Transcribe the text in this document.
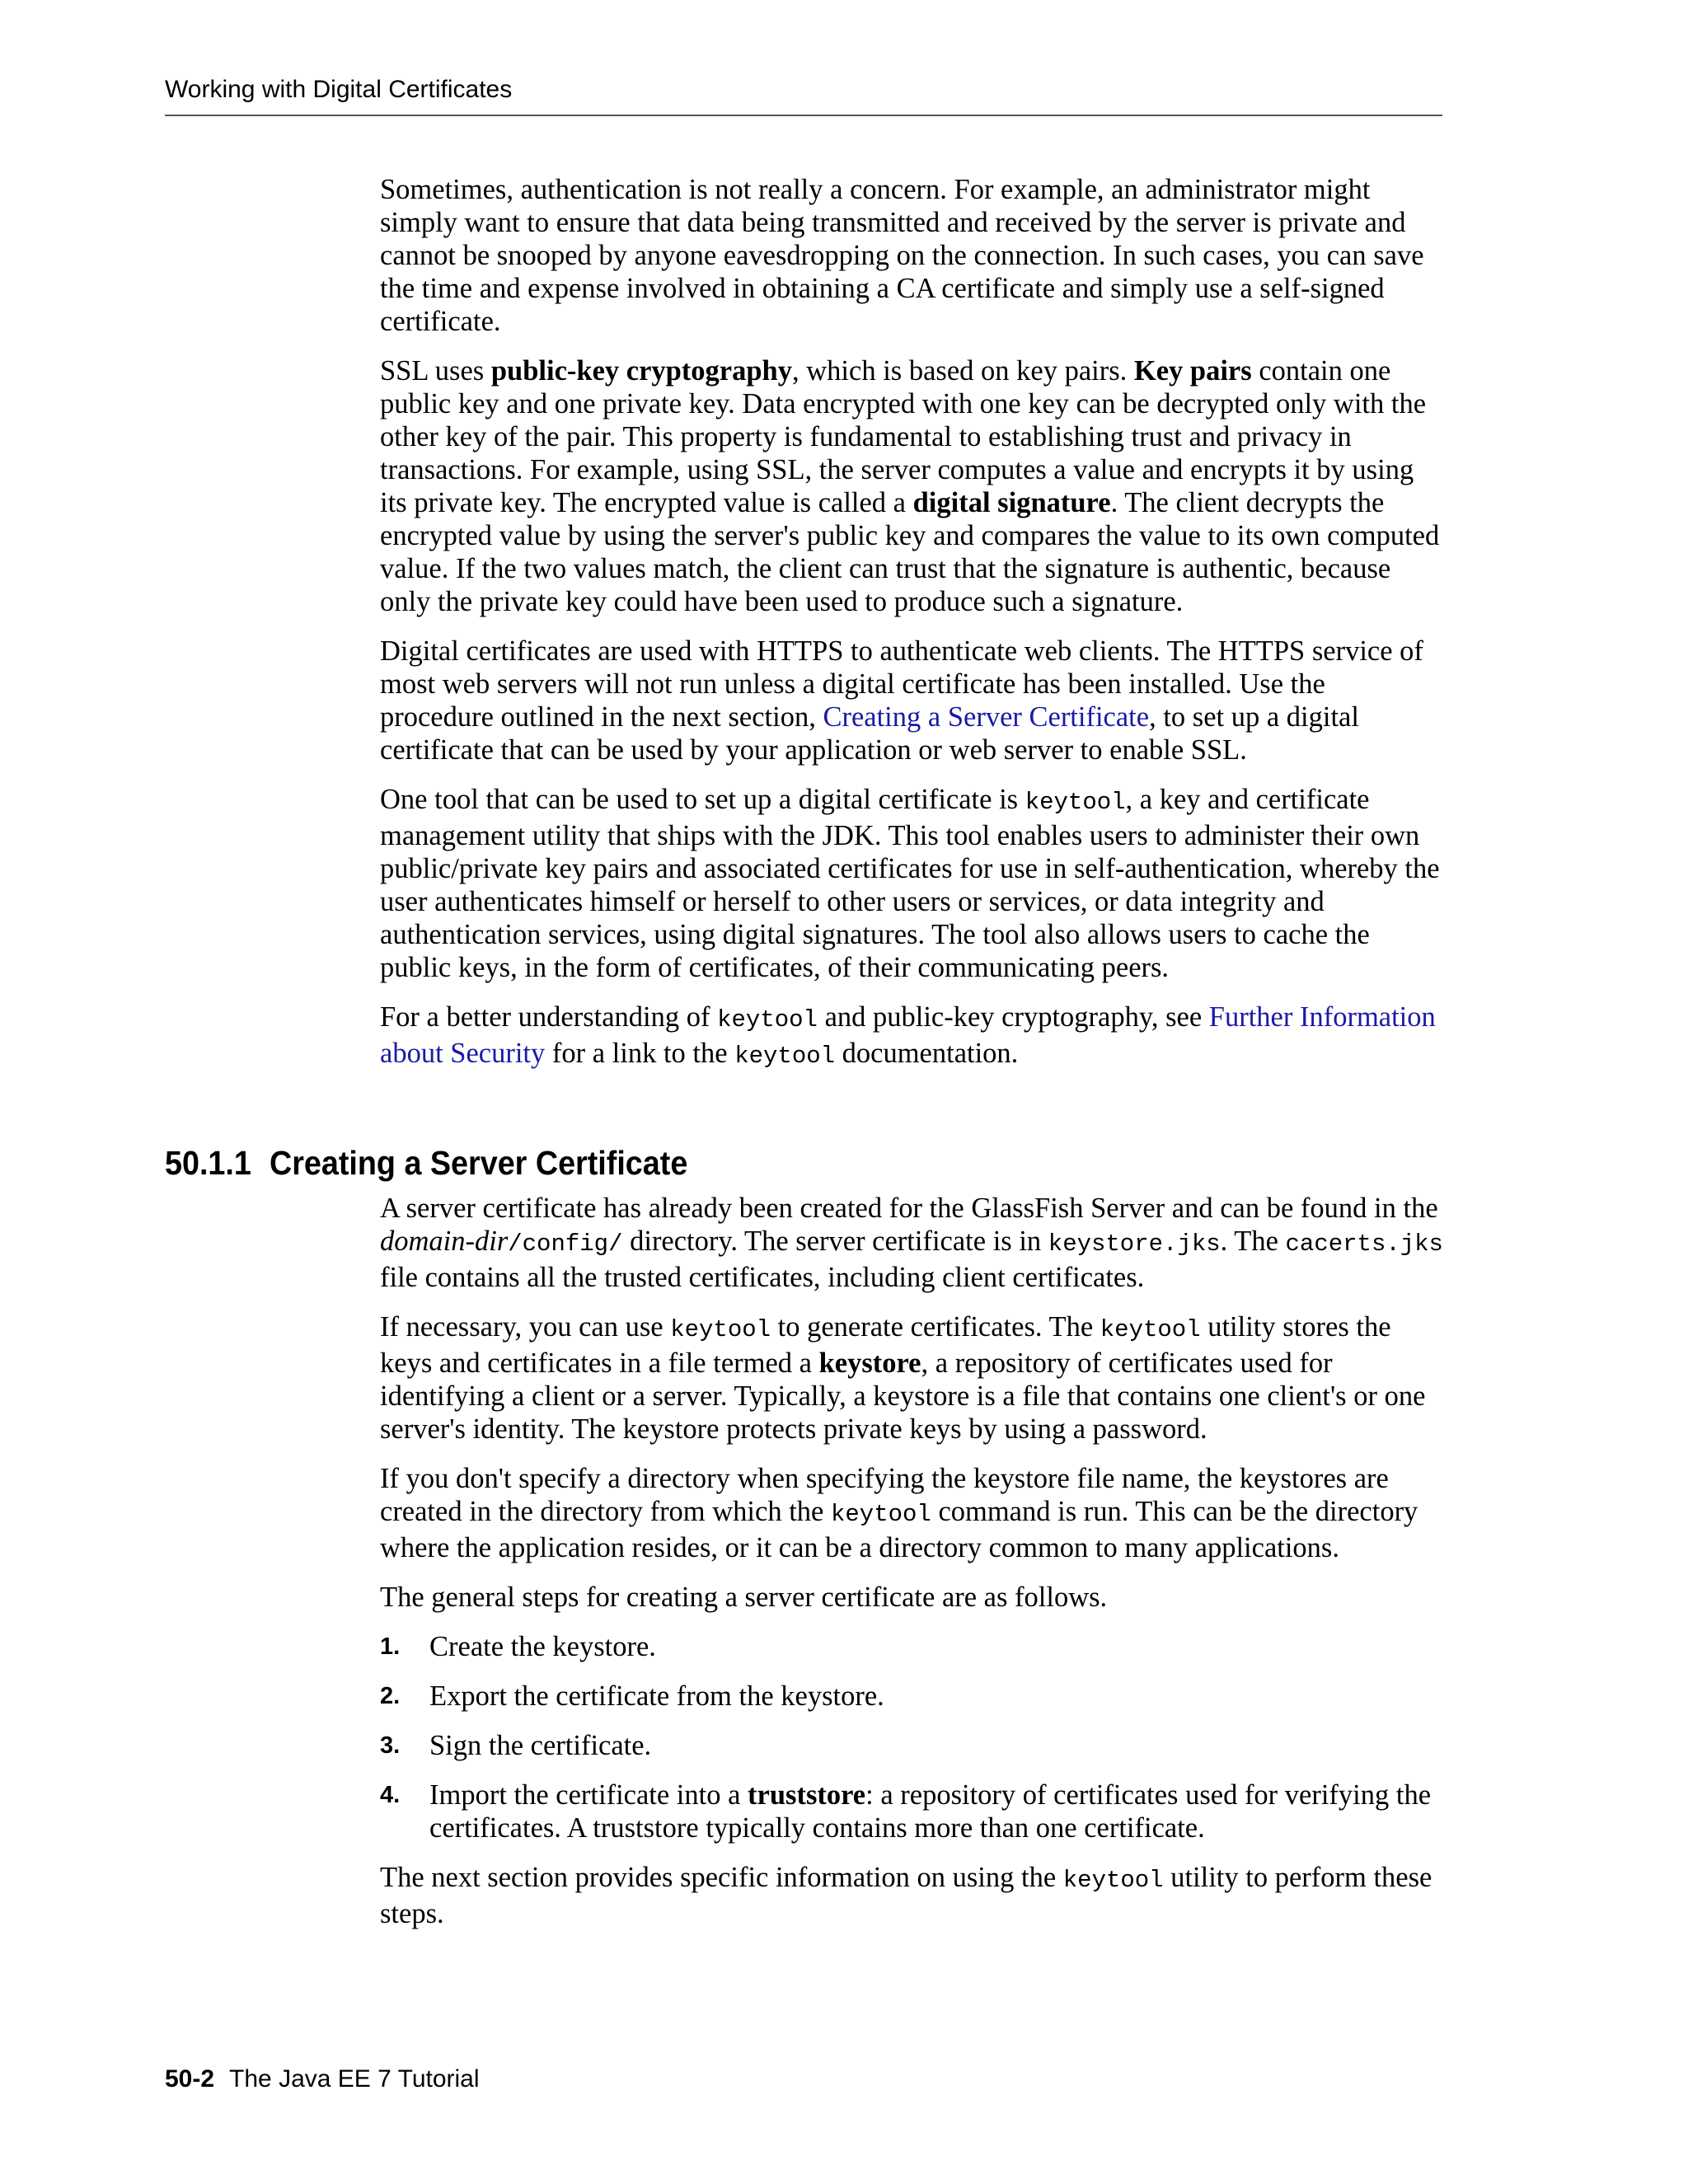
Working with Digital Certificates

Sometimes, authentication is not really a concern. For example, an administrator might simply want to ensure that data being transmitted and received by the server is private and cannot be snooped by anyone eavesdropping on the connection. In such cases, you can save the time and expense involved in obtaining a CA certificate and simply use a self-signed certificate.

SSL uses public-key cryptography, which is based on key pairs. Key pairs contain one public key and one private key. Data encrypted with one key can be decrypted only with the other key of the pair. This property is fundamental to establishing trust and privacy in transactions. For example, using SSL, the server computes a value and encrypts it by using its private key. The encrypted value is called a digital signature. The client decrypts the encrypted value by using the server's public key and compares the value to its own computed value. If the two values match, the client can trust that the signature is authentic, because only the private key could have been used to produce such a signature.

Digital certificates are used with HTTPS to authenticate web clients. The HTTPS service of most web servers will not run unless a digital certificate has been installed. Use the procedure outlined in the next section, Creating a Server Certificate, to set up a digital certificate that can be used by your application or web server to enable SSL.

One tool that can be used to set up a digital certificate is keytool, a key and certificate management utility that ships with the JDK. This tool enables users to administer their own public/private key pairs and associated certificates for use in self-authentication, whereby the user authenticates himself or herself to other users or services, or data integrity and authentication services, using digital signatures. The tool also allows users to cache the public keys, in the form of certificates, of their communicating peers.

For a better understanding of keytool and public-key cryptography, see Further Information about Security for a link to the keytool documentation.

50.1.1 Creating a Server Certificate

A server certificate has already been created for the GlassFish Server and can be found in the domain-dir/config/ directory. The server certificate is in keystore.jks. The cacerts.jks file contains all the trusted certificates, including client certificates.

If necessary, you can use keytool to generate certificates. The keytool utility stores the keys and certificates in a file termed a keystore, a repository of certificates used for identifying a client or a server. Typically, a keystore is a file that contains one client's or one server's identity. The keystore protects private keys by using a password.

If you don't specify a directory when specifying the keystore file name, the keystores are created in the directory from which the keytool command is run. This can be the directory where the application resides, or it can be a directory common to many applications.

The general steps for creating a server certificate are as follows.

1. Create the keystore.
2. Export the certificate from the keystore.
3. Sign the certificate.
4. Import the certificate into a truststore: a repository of certificates used for verifying the certificates. A truststore typically contains more than one certificate.

The next section provides specific information on using the keytool utility to perform these steps.

50-2 The Java EE 7 Tutorial
